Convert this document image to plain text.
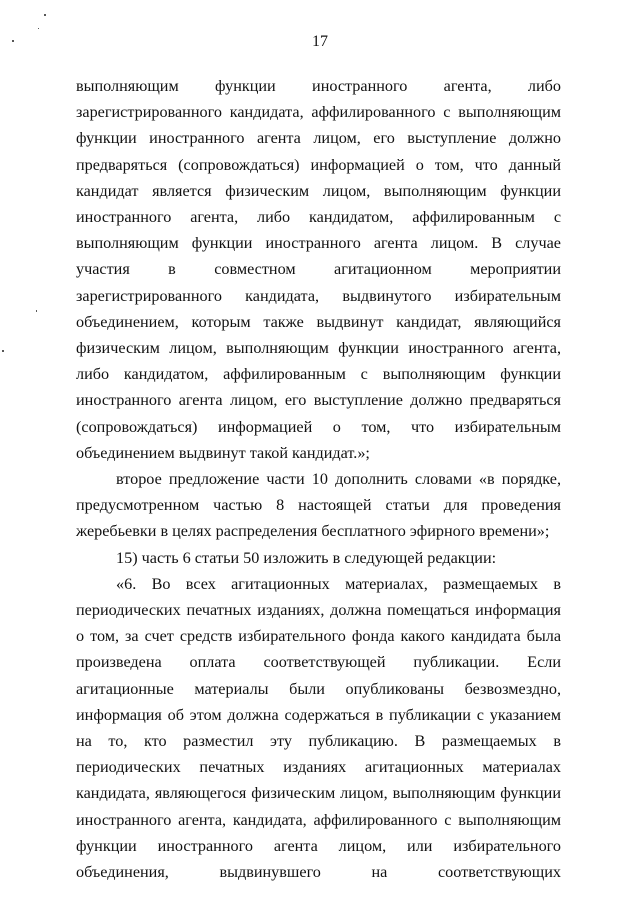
17

выполняющим функции иностранного агента, либо зарегистрированного кандидата, аффилированного с выполняющим функции иностранного агента лицом, его выступление должно предваряться (сопровождаться) информацией о том, что данный кандидат является физическим лицом, выполняющим функции иностранного агента, либо кандидатом, аффилированным с выполняющим функции иностранного агента лицом. В случае участия в совместном агитационном мероприятии зарегистрированного кандидата, выдвинутого избирательным объединением, которым также выдвинут кандидат, являющийся физическим лицом, выполняющим функции иностранного агента, либо кандидатом, аффилированным с выполняющим функции иностранного агента лицом, его выступление должно предваряться (сопровождаться) информацией о том, что избирательным объединением выдвинут такой кандидат.»;

второе предложение части 10 дополнить словами «в порядке, предусмотренном частью 8 настоящей статьи для проведения жеребьевки в целях распределения бесплатного эфирного времени»;

15) часть 6 статьи 50 изложить в следующей редакции:

«6. Во всех агитационных материалах, размещаемых в периодических печатных изданиях, должна помещаться информация о том, за счет средств избирательного фонда какого кандидата была произведена оплата соответствующей публикации. Если агитационные материалы были опубликованы безвозмездно, информация об этом должна содержаться в публикации с указанием на то, кто разместил эту публикацию. В размещаемых в периодических печатных изданиях агитационных материалах кандидата, являющегося физическим лицом, выполняющим функции иностранного агента, кандидата, аффилированного с выполняющим функции иностранного агента лицом, или избирательного объединения, выдвинувшего на соответствующих
